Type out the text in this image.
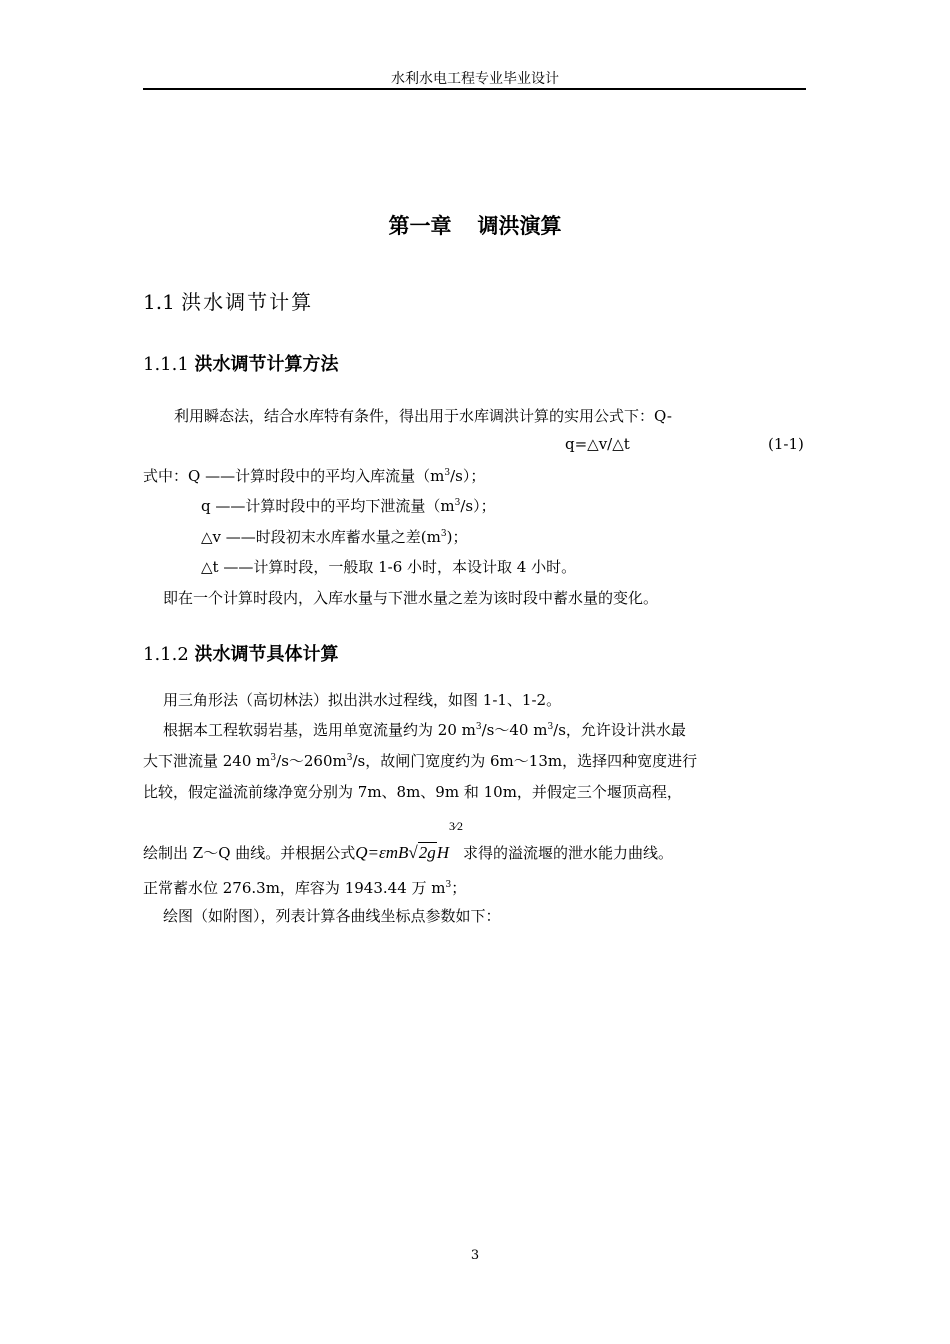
水利水电工程专业毕业设计
第一章 调洪演算
1.1 洪水调节计算
1.1.1 洪水调节计算方法
利用瞬态法，结合水库特有条件，得出用于水库调洪计算的实用公式下：Q-
q=△v/△t	(1-1)
式中：Q ——计算时段中的平均入库流量$(m^3/s)$；
q ——计算时段中的平均下泄流量$(m^3/s)$；
△v ——时段初末水库蓄水量之差$(m^3)$；
△t ——计算时段，一般取 1-6 小时，本设计取 4 小时。
即在一个计算时段内，入库水量与下泄水量之差为该时段中蓄水量的变化。
1.1.2 洪水调节具体计算
用三角形法（高切林法）拟出洪水过程线，如图 1-1、1-2。
根据本工程软弱岩基，选用单宽流量约为 20 $m^3/s\sim 40$ $m^3/s$，允许设计洪水最
大下泄流量 240 $m^3/s\sim 260m^3/s$，故闸门宽度约为 6m～13m，选择四种宽度进行
比较，假定溢流前缘净宽分别为 7m、8m、9m 和 10m，并假定三个堰顶高程，
绘制出 Z～Q 曲线。并根据公式Q=εmB√2gH
3⁄2
求得的溢流堰的泄水能力曲线。
正常蓄水位 276.3m，库容为 1943.44 万 $m^3$；
绘图（如附图），列表计算各曲线坐标点参数如下：
3
